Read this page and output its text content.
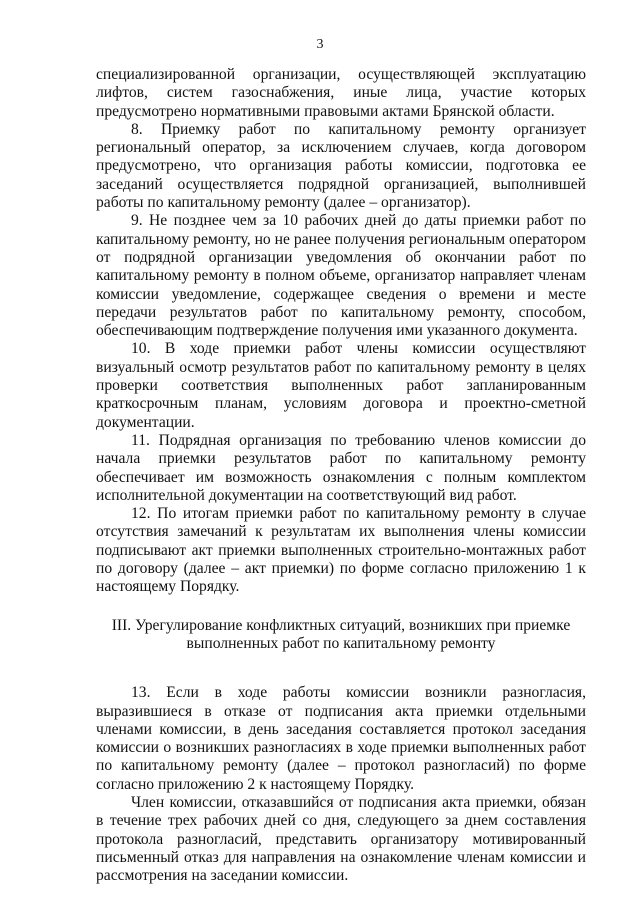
3

специализированной организации, осуществляющей эксплуатацию лифтов, систем газоснабжения, иные лица, участие которых предусмотрено нормативными правовыми актами Брянской области.

8. Приемку работ по капитальному ремонту организует региональный оператор, за исключением случаев, когда договором предусмотрено, что организация работы комиссии, подготовка ее заседаний осуществляется подрядной организацией, выполнившей работы по капитальному ремонту (далее – организатор).

9. Не позднее чем за 10 рабочих дней до даты приемки работ по капитальному ремонту, но не ранее получения региональным оператором от подрядной организации уведомления об окончании работ по капитальному ремонту в полном объеме, организатор направляет членам комиссии уведомление, содержащее сведения о времени и месте передачи результатов работ по капитальному ремонту, способом, обеспечивающим подтверждение получения ими указанного документа.

10. В ходе приемки работ члены комиссии осуществляют визуальный осмотр результатов работ по капитальному ремонту в целях проверки соответствия выполненных работ запланированным краткосрочным планам, условиям договора и проектно-сметной документации.

11. Подрядная организация по требованию членов комиссии до начала приемки результатов работ по капитальному ремонту обеспечивает им возможность ознакомления с полным комплектом исполнительной документации на соответствующий вид работ.

12. По итогам приемки работ по капитальному ремонту в случае отсутствия замечаний к результатам их выполнения члены комиссии подписывают акт приемки выполненных строительно-монтажных работ по договору (далее – акт приемки) по форме согласно приложению 1 к настоящему Порядку.

III. Урегулирование конфликтных ситуаций, возникших при приемке
выполненных работ по капитальному ремонту

13. Если в ходе работы комиссии возникли разногласия, выразившиеся в отказе от подписания акта приемки отдельными членами комиссии, в день заседания составляется протокол заседания комиссии о возникших разногласиях в ходе приемки выполненных работ по капитальному ремонту (далее – протокол разногласий) по форме согласно приложению 2 к настоящему Порядку.

Член комиссии, отказавшийся от подписания акта приемки, обязан в течение трех рабочих дней со дня, следующего за днем составления протокола разногласий, представить организатору мотивированный письменный отказ для направления на ознакомление членам комиссии и рассмотрения на заседании комиссии.
